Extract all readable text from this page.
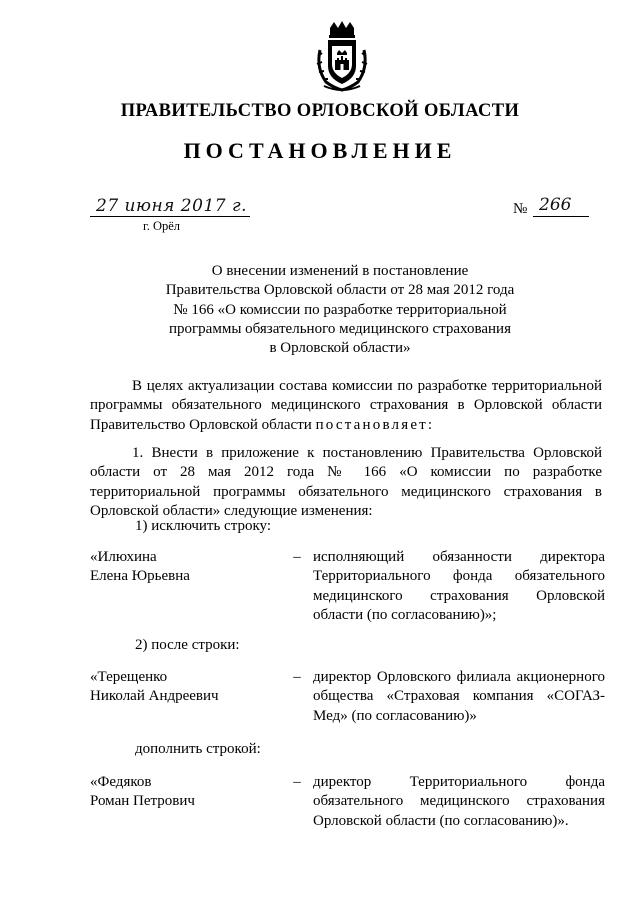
ПРАВИТЕЛЬСТВО ОРЛОВСКОЙ ОБЛАСТИ
ПОСТАНОВЛЕНИЕ
27 июня 2017 г.
г. Орёл
№ 266
О внесении изменений в постановление
Правительства Орловской области от 28 мая 2012 года
№ 166 «О комиссии по разработке территориальной
программы обязательного медицинского страхования
в Орловской области»
В целях актуализации состава комиссии по разработке территориальной программы обязательного медицинского страхования в Орловской области Правительство Орловской области постановляет:
1. Внести в приложение к постановлению Правительства Орловской области от 28 мая 2012 года № 166 «О комиссии по разработке территориальной программы обязательного медицинского страхования в Орловской области» следующие изменения:
1) исключить строку:
«Илюхина
Елена Юрьевна
– исполняющий обязанности директора Территориального фонда обязательного медицинского страхования Орловской области (по согласованию)»;
2) после строки:
«Терещенко
Николай Андреевич
– директор Орловского филиала акционерного общества «Страховая компания «СОГАЗ-Мед» (по согласованию)»
дополнить строкой:
«Федяков
Роман Петрович
– директор Территориального фонда обязательного медицинского страхования Орловской области (по согласованию)».
